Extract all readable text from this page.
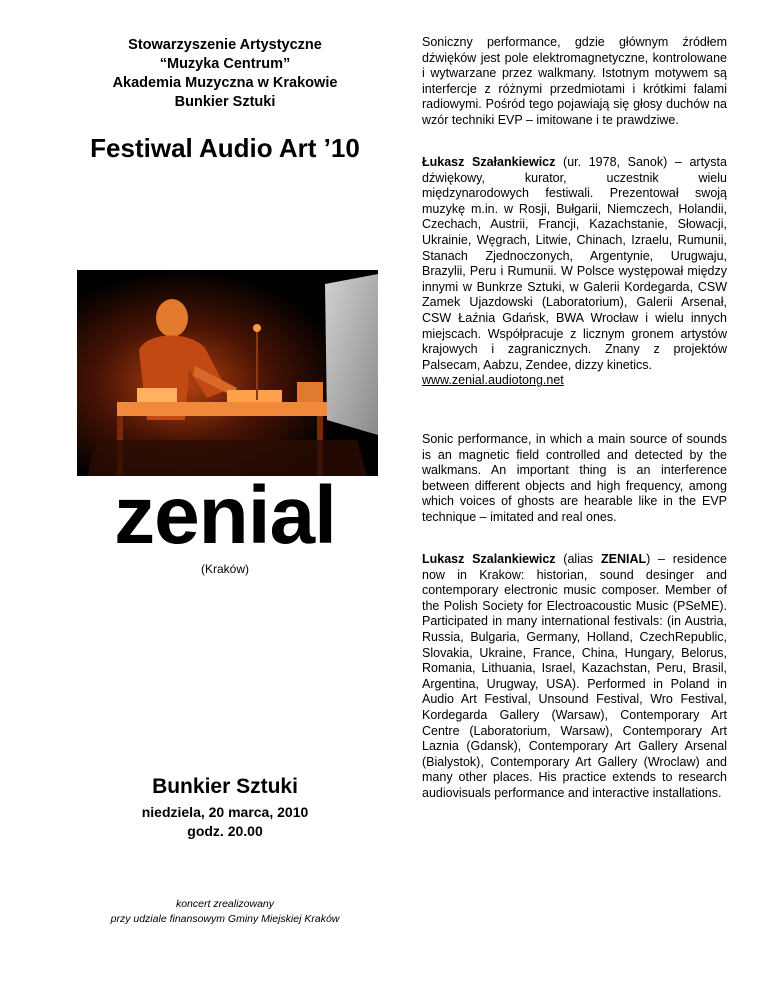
Stowarzyszenie Artystyczne
“Muzyka Centrum”
Akademia Muzyczna w Krakowie
Bunkier Sztuki
Festiwal Audio Art ’10
zenial
(Kraków)
Bunkier Sztuki
niedziela, 20 marca, 2010
godz. 20.00
koncert zrealizowany
przy udziale finansowym Gminy Miejskiej Kraków
Soniczny performance, gdzie głównym źródłem dźwięków jest pole elektromagnetyczne, kontrolowane i wytwarzane przez walkmany. Istotnym motywem są interfercje z różnymi przedmiotami i krótkimi falami radiowymi. Pośród tego pojawiają się głosy duchów na wzór techniki EVP – imitowane i te prawdziwe.
Łukasz Szałankiewicz (ur. 1978, Sanok) – artysta dźwiękowy, kurator, uczestnik wielu międzynarodowych festiwali. Prezentował swoją muzykę m.in. w Rosji, Bułgarii, Niemczech, Holandii, Czechach, Austrii, Francji, Kazachstanie, Słowacji, Ukrainie, Węgrach, Litwie, Chinach, Izraelu, Rumunii, Stanach Zjednoczonych, Argentynie, Urugwaju, Brazylii, Peru i Rumunii. W Polsce występował między innymi w Bunkrze Sztuki, w Galerii Kordegarda, CSW Zamek Ujazdowski (Laboratorium), Galerii Arsenał, CSW Łaźnia Gdańsk, BWA Wrocław i wielu innych miejscach. Współpracuje z licznym gronem artystów krajowych i zagranicznych. Znany z projektów Palsecam, Aabzu, Zendee, dizzy kinetics.
www.zenial.audiotong.net
Sonic performance, in which a main source of sounds is an magnetic field controlled and detected by the walkmans. An important thing is an interference between different objects and high frequency, among which voices of ghosts are hearable like in the EVP technique – imitated and real ones.
Lukasz Szalankiewicz (alias ZENIAL) – residence now in Krakow: historian, sound desinger and contemporary electronic music composer. Member of the Polish Society for Electroacoustic Music (PSeME). Participated in many international festivals: (in Austria, Russia, Bulgaria, Germany, Holland, CzechRepublic, Slovakia, Ukraine, France, China, Hungary, Belorus, Romania, Lithuania, Israel, Kazachstan, Peru, Brasil, Argentina, Urugway, USA). Performed in Poland in Audio Art Festival, Unsound Festival, Wro Festival, Kordegarda Gallery (Warsaw), Contemporary Art Centre (Laboratorium, Warsaw), Contemporary Art Laznia (Gdansk), Contemporary Art Gallery Arsenal (Bialystok), Contemporary Art Gallery (Wroclaw) and many other places. His practice extends to research audiovisuals performance and interactive installations.
